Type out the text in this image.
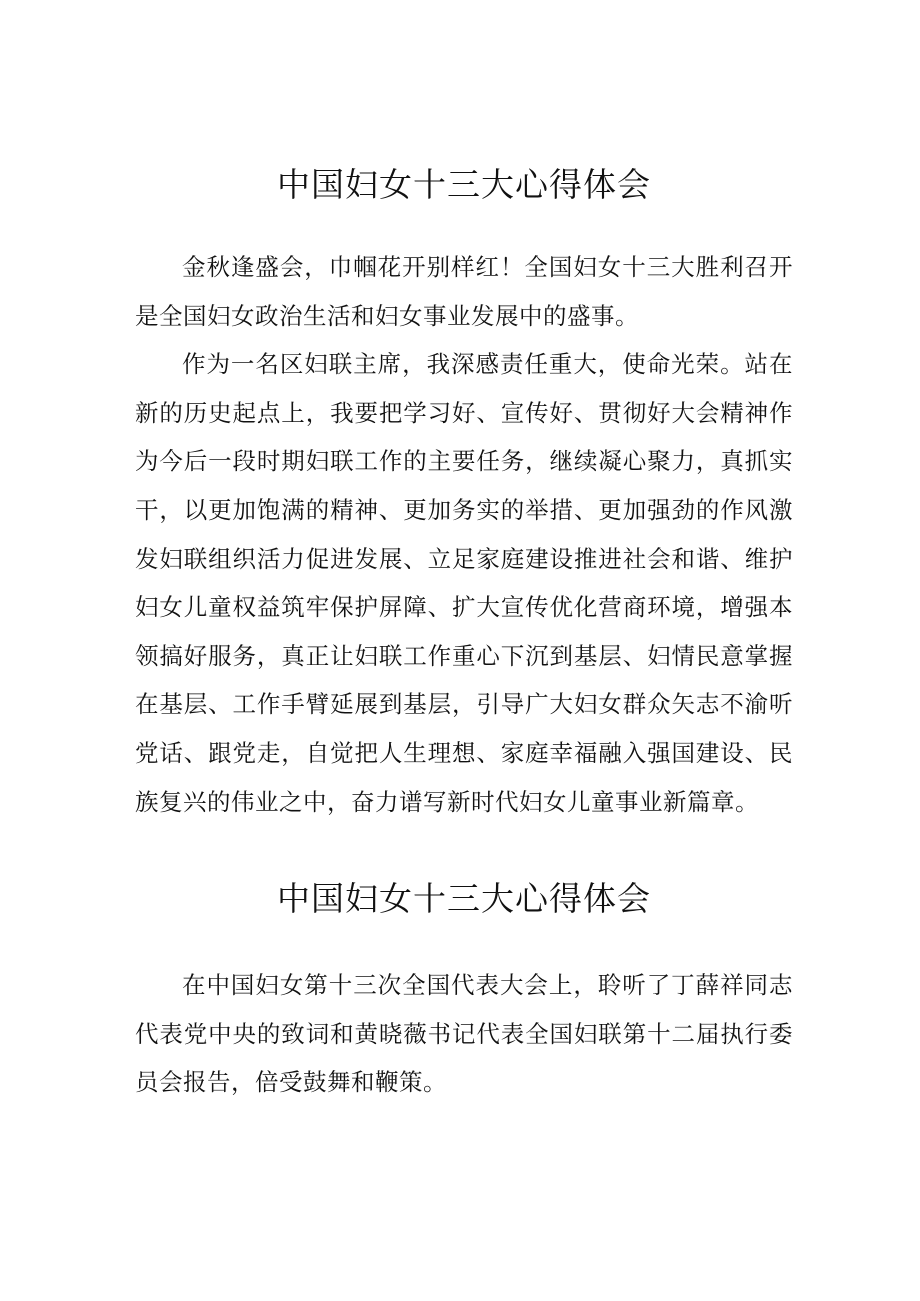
中国妇女十三大心得体会

金秋逢盛会，巾帼花开别样红！全国妇女十三大胜利召开是全国妇女政治生活和妇女事业发展中的盛事。

作为一名区妇联主席，我深感责任重大，使命光荣。站在新的历史起点上，我要把学习好、宣传好、贯彻好大会精神作为今后一段时期妇联工作的主要任务，继续凝心聚力，真抓实干，以更加饱满的精神、更加务实的举措、更加强劲的作风激发妇联组织活力促进发展、立足家庭建设推进社会和谐、维护妇女儿童权益筑牢保护屏障、扩大宣传优化营商环境，增强本领搞好服务，真正让妇联工作重心下沉到基层、妇情民意掌握在基层、工作手臂延展到基层，引导广大妇女群众矢志不渝听党话、跟党走，自觉把人生理想、家庭幸福融入强国建设、民族复兴的伟业之中，奋力谱写新时代妇女儿童事业新篇章。

中国妇女十三大心得体会

在中国妇女第十三次全国代表大会上，聆听了丁薛祥同志代表党中央的致词和黄晓薇书记代表全国妇联第十二届执行委员会报告，倍受鼓舞和鞭策。
